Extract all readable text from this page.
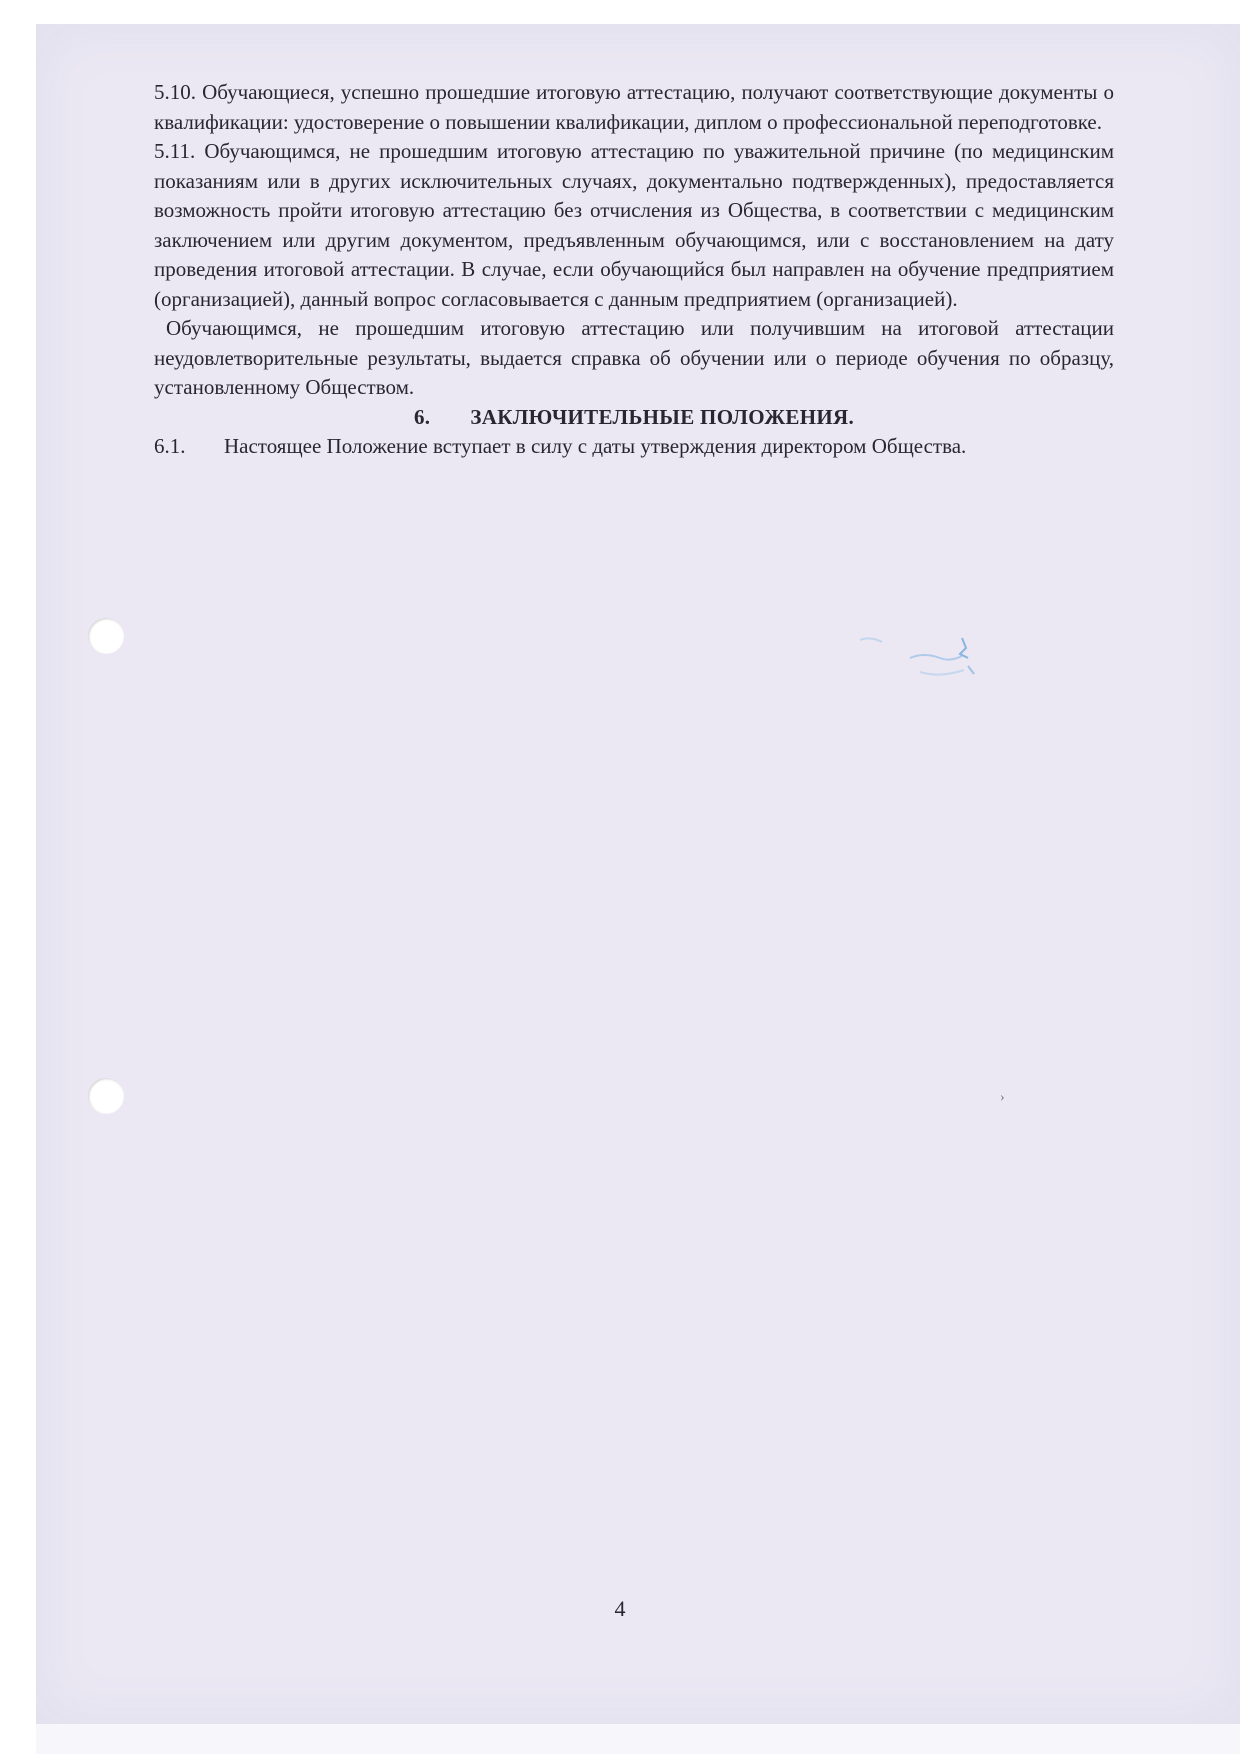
5.10. Обучающиеся, успешно прошедшие итоговую аттестацию, получают соответствующие документы о квалификации: удостоверение о повышении квалификации, диплом о профессиональной переподготовке.

5.11. Обучающимся, не прошедшим итоговую аттестацию по уважительной причине (по медицинским показаниям или в других исключительных случаях, документально подтвержденных), предоставляется возможность пройти итоговую аттестацию без отчисления из Общества, в соответствии с медицинским заключением или другим документом, предъявленным обучающимся, или с восстановлением на дату проведения итоговой аттестации. В случае, если обучающийся был направлен на обучение предприятием (организацией), данный вопрос согласовывается с данным предприятием (организацией).

Обучающимся, не прошедшим итоговую аттестацию или получившим на итоговой аттестации неудовлетворительные результаты, выдается справка об обучении или о периоде обучения по образцу, установленному Обществом.

6. ЗАКЛЮЧИТЕЛЬНЫЕ ПОЛОЖЕНИЯ.

6.1. Настоящее Положение вступает в силу с даты утверждения директором Общества.

›
4
